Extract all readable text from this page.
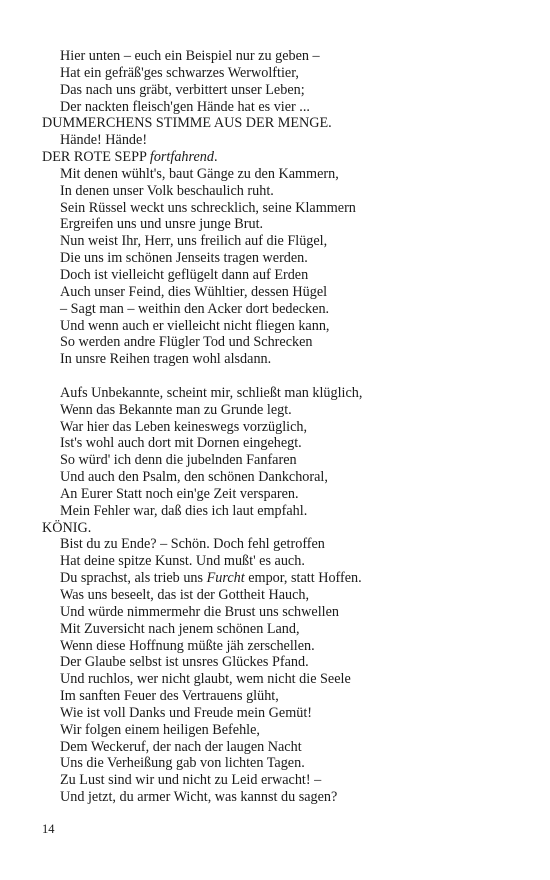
Hier unten – euch ein Beispiel nur zu geben –
Hat ein gefräß'ges schwarzes Werwolftier,
Das nach uns gräbt, verbittert unser Leben;
Der nackten fleisch'gen Hände hat es vier ...
DUMMERCHENS STIMME AUS DER MENGE.
Hände! Hände!
DER ROTE SEPP fortfahrend.
Mit denen wühlt's, baut Gänge zu den Kammern,
In denen unser Volk beschaulich ruht.
Sein Rüssel weckt uns schrecklich, seine Klammern
Ergreifen uns und unsre junge Brut.
Nun weist Ihr, Herr, uns freilich auf die Flügel,
Die uns im schönen Jenseits tragen werden.
Doch ist vielleicht geflügelt dann auf Erden
Auch unser Feind, dies Wühltier, dessen Hügel
– Sagt man – weithin den Acker dort bedecken.
Und wenn auch er vielleicht nicht fliegen kann,
So werden andre Flügler Tod und Schrecken
In unsre Reihen tragen wohl alsdann.
Aufs Unbekannte, scheint mir, schließt man klüglich,
Wenn das Bekannte man zu Grunde legt.
War hier das Leben keineswegs vorzüglich,
Ist's wohl auch dort mit Dornen eingehegt.
So würd' ich denn die jubelnden Fanfaren
Und auch den Psalm, den schönen Dankchoral,
An Eurer Statt noch ein'ge Zeit versparen.
Mein Fehler war, daß dies ich laut empfahl.
KÖNIG.
Bist du zu Ende? – Schön. Doch fehl getroffen
Hat deine spitze Kunst. Und mußt' es auch.
Du sprachst, als trieb uns Furcht empor, statt Hoffen.
Was uns beseelt, das ist der Gottheit Hauch,
Und würde nimmermehr die Brust uns schwellen
Mit Zuversicht nach jenem schönen Land,
Wenn diese Hoffnung müßte jäh zerschellen.
Der Glaube selbst ist unsres Glückes Pfand.
Und ruchlos, wer nicht glaubt, wem nicht die Seele
Im sanften Feuer des Vertrauens glüht,
Wie ist voll Danks und Freude mein Gemüt!
Wir folgen einem heiligen Befehle,
Dem Weckeruf, der nach der laugen Nacht
Uns die Verheißung gab von lichten Tagen.
Zu Lust sind wir und nicht zu Leid erwacht! –
Und jetzt, du armer Wicht, was kannst du sagen?
14
